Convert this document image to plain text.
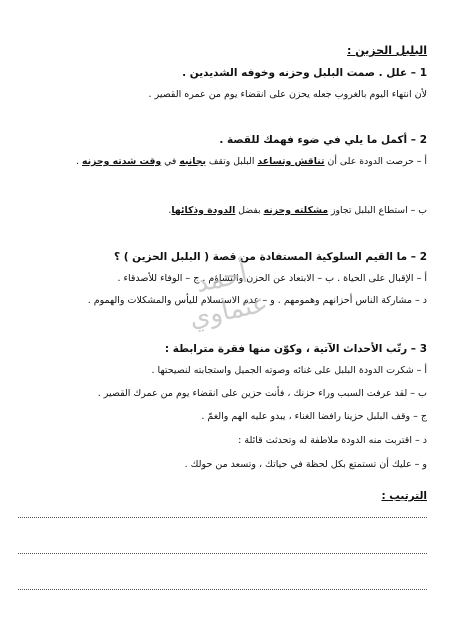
البلبل الحزين :
1 – علل . صمت البلبل وحزنه وخوفه الشديدين .
لأن انتهاء اليوم بالغروب جعله يحزن على انقضاء يوم من عمره القصير .
2 – أكمل ما يلي في ضوء فهمك للقصة .
أ – حرصت الدودة على أن تناقش وتساعد البلبل وتقف بجانبه في وقت شدته وحزنه .
ب – استطاع البلبل تجاوز مشكلته وحزنه بفضل الدودة وذكائها.
2 – ما القيم السلوكية المستفادة من قصة ( البلبل الحزين ) ؟
أ – الإقبال على الحياة . ب – الابتعاد عن الحزن والتشاؤم . ج – الوفاء للأصدقاء .
د – مشاركة الناس أحزانهم وهمومهم . و – عدم الاستسلام لليأس والمشكلات والهموم .
3 – رتّب الأحداث الآتية ، وكوّن منها فقرة مترابطة :
أ – شكرت الدودة البلبل على غنائه وصوته الجميل واستجابته لنصيحتها .
ب – لقد عرفت السبب وراء حزنك ، فأنت حزين على انقضاء يوم من عمرك القصير .
ج – وقف البلبل حزينا رافضا الغناء ، يبدو عليه الهم والغمّ .
د – اقتربت منه الدودة ملاطفة له وتحدثت قائلة :
و – عليك أن تستمتع بكل لحظة في حياتك ، وتسعد من حولك .
الترتيب :
أحمد عثماوي
